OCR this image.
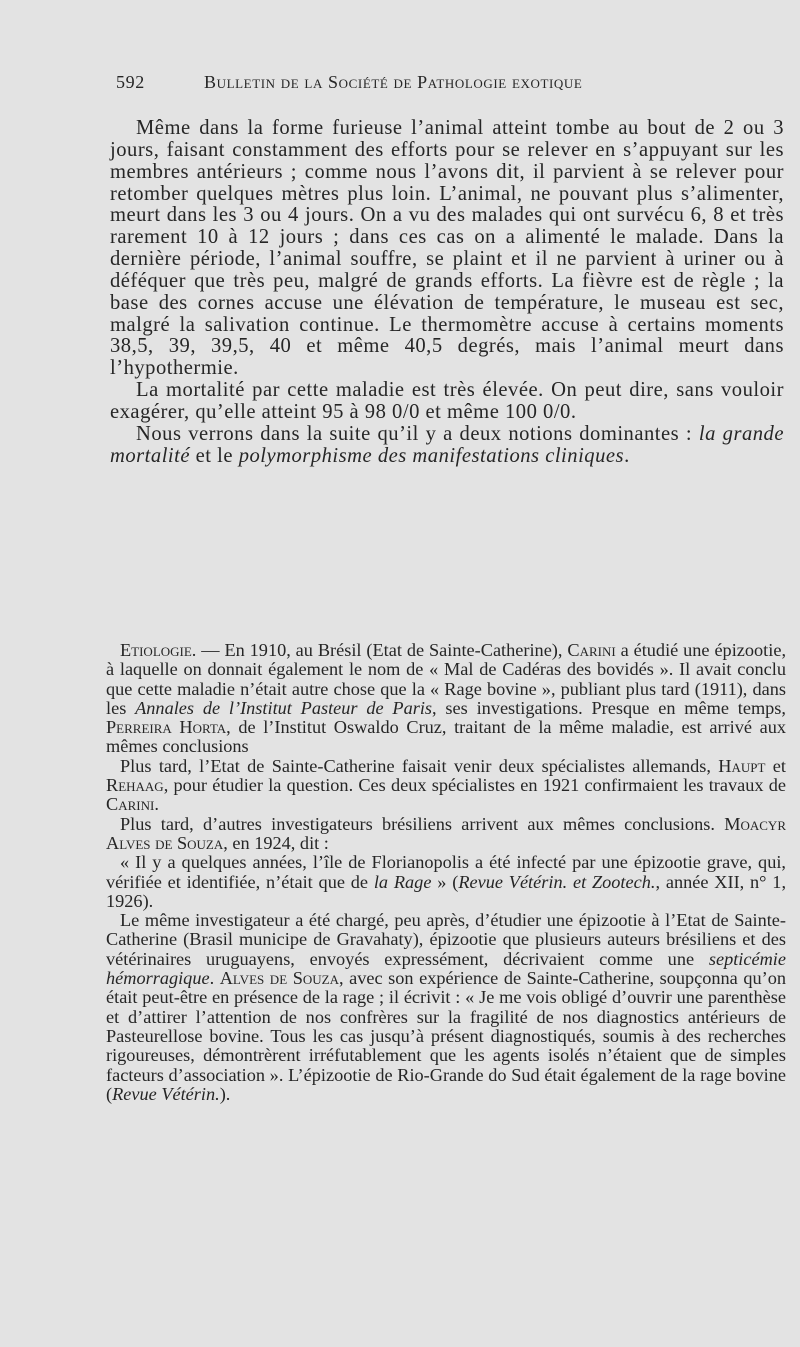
592	Bulletin de la Société de Pathologie exotique

Même dans la forme furieuse l’animal atteint tombe au bout de 2 ou 3 jours, faisant constamment des efforts pour se relever en s’appuyant sur les membres antérieurs ; comme nous l’avons dit, il parvient à se relever pour retomber quelques mètres plus loin. L’animal, ne pouvant plus s’alimenter, meurt dans les 3 ou 4 jours. On a vu des malades qui ont survécu 6, 8 et très rarement 10 à 12 jours ; dans ces cas on a alimenté le malade. Dans la dernière période, l’animal souffre, se plaint et il ne parvient à uriner ou à déféquer que très peu, malgré de grands efforts. La fièvre est de règle ; la base des cornes accuse une élévation de température, le museau est sec, malgré la salivation continue. Le thermomètre accuse à certains moments 38,5, 39, 39,5, 40 et même 40,5 degrés, mais l’animal meurt dans l’hypothermie.

La mortalité par cette maladie est très élevée. On peut dire, sans vouloir exagérer, qu’elle atteint 95 à 98 0/0 et même 100 0/0.

Nous verrons dans la suite qu’il y a deux notions dominantes : la grande mortalité et le polymorphisme des manifestations cliniques.

Etiologie. — En 1910, au Brésil (Etat de Sainte-Catherine), Carini a étudié une épizootie, à laquelle on donnait également le nom de « Mal de Cadéras des bovidés ». Il avait conclu que cette maladie n’était autre chose que la « Rage bovine », publiant plus tard (1911), dans les Annales de l’Institut Pasteur de Paris, ses investigations. Presque en même temps, Perreira Horta, de l’Institut Oswaldo Cruz, traitant de la même maladie, est arrivé aux mêmes conclusions

Plus tard, l’Etat de Sainte-Catherine faisait venir deux spécialistes allemands, Haupt et Rehaag, pour étudier la question. Ces deux spécialistes en 1921 confirmaient les travaux de Carini.

Plus tard, d’autres investigateurs brésiliens arrivent aux mêmes conclusions. Moacyr Alves de Souza, en 1924, dit :

« Il y a quelques années, l’île de Florianopolis a été infecté par une épizootie grave, qui, vérifiée et identifiée, n’était que de la Rage » (Revue Vétérin. et Zootech., année XII, n° 1, 1926).

Le même investigateur a été chargé, peu après, d’étudier une épizootie à l’Etat de Sainte-Catherine (Brasil municipe de Gravahaty), épizootie que plusieurs auteurs brésiliens et des vétérinaires uruguayens, envoyés expressément, décrivaient comme une septicémie hémorragique. Alves de Souza, avec son expérience de Sainte-Catherine, soupçonna qu’on était peut-être en présence de la rage ; il écrivit : « Je me vois obligé d’ouvrir une parenthèse et d’attirer l’attention de nos confrères sur la fragilité de nos diagnostics antérieurs de Pasteurellose bovine. Tous les cas jusqu’à présent diagnostiqués, soumis à des recherches rigoureuses, démontrèrent irréfutablement que les agents isolés n’étaient que de simples facteurs d’association ». L’épizootie de Rio-Grande do Sud était également de la rage bovine (Revue Vétérin.).
